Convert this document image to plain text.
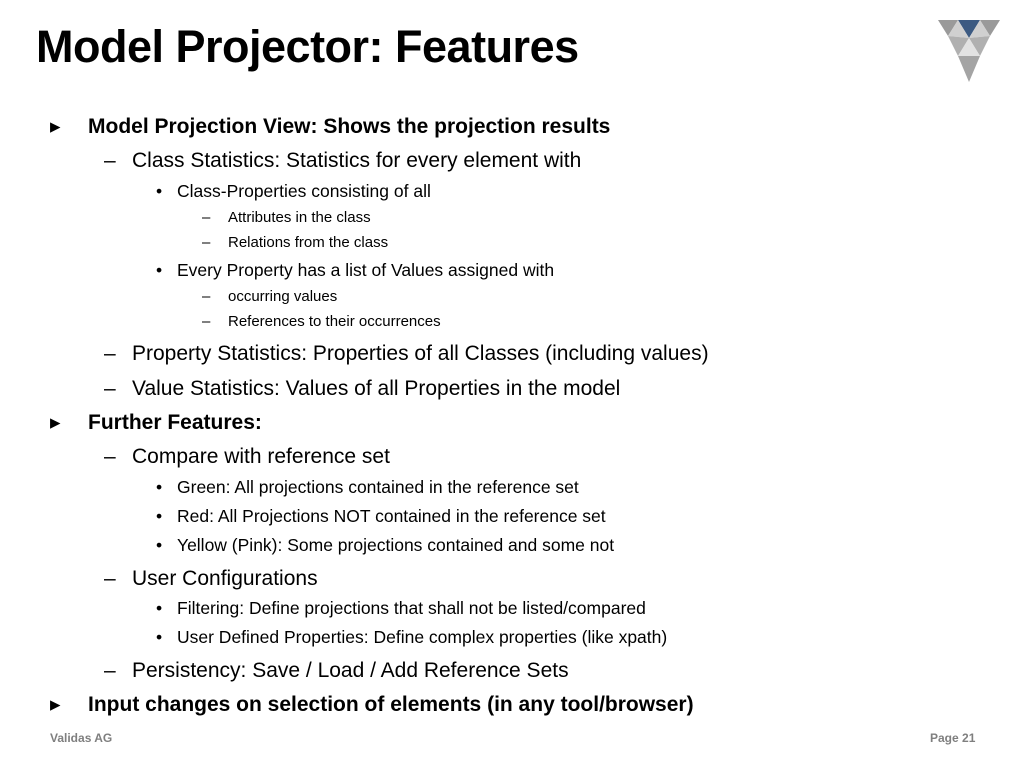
Model Projector: Features
▸ Model Projection View: Shows the projection results
– Class Statistics: Statistics for every element with
• Class-Properties consisting of all
– Attributes in the class
– Relations from the class
• Every Property has a list of Values assigned with
– occurring values
– References to their occurrences
– Property Statistics: Properties of all Classes (including values)
– Value Statistics: Values of all Properties in the model
▸ Further Features:
– Compare with reference set
• Green: All projections contained in the reference set
• Red: All Projections NOT contained in the reference set
• Yellow (Pink): Some projections contained and some not
– User Configurations
• Filtering: Define projections that shall not be listed/compared
• User Defined Properties: Define complex properties (like xpath)
– Persistency: Save / Load / Add Reference Sets
▸ Input changes on selection of elements (in any tool/browser)
Validas AG	Page 21
